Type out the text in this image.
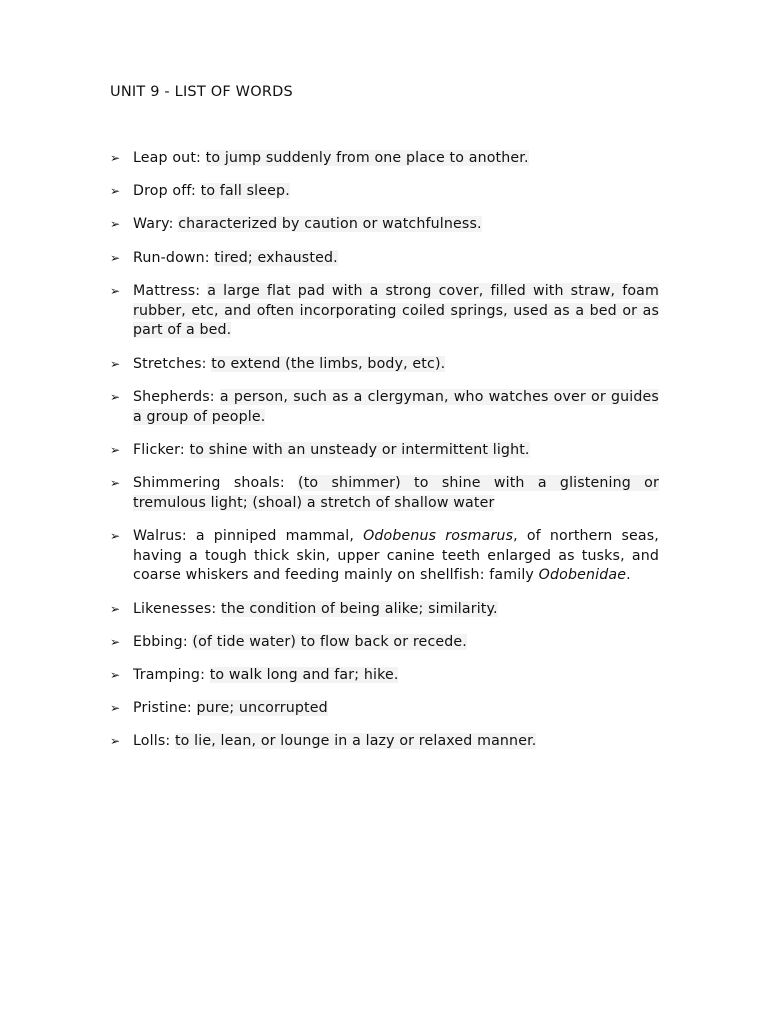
UNIT 9 - LIST OF WORDS
➢ Leap out: to jump suddenly from one place to another.
➢ Drop off: to fall sleep.
➢ Wary: characterized by caution or watchfulness.
➢ Run-down: tired; exhausted.
➢ Mattress: a large flat pad with a strong cover, filled with straw, foam rubber, etc, and often incorporating coiled springs, used as a bed or as part of a bed.
➢ Stretches: to extend (the limbs, body, etc).
➢ Shepherds: a person, such as a clergyman, who watches over or guides a group of people.
➢ Flicker: to shine with an unsteady or intermittent light.
➢ Shimmering shoals: (to shimmer) to shine with a glistening or tremulous light; (shoal) a stretch of shallow water
➢ Walrus: a pinniped mammal, Odobenus rosmarus, of northern seas, having a tough thick skin, upper canine teeth enlarged as tusks, and coarse whiskers and feeding mainly on shellfish: family Odobenidae.
➢ Likenesses: the condition of being alike; similarity.
➢ Ebbing: (of tide water) to flow back or recede.
➢ Tramping: to walk long and far; hike.
➢ Pristine: pure; uncorrupted
➢ Lolls: to lie, lean, or lounge in a lazy or relaxed manner.
